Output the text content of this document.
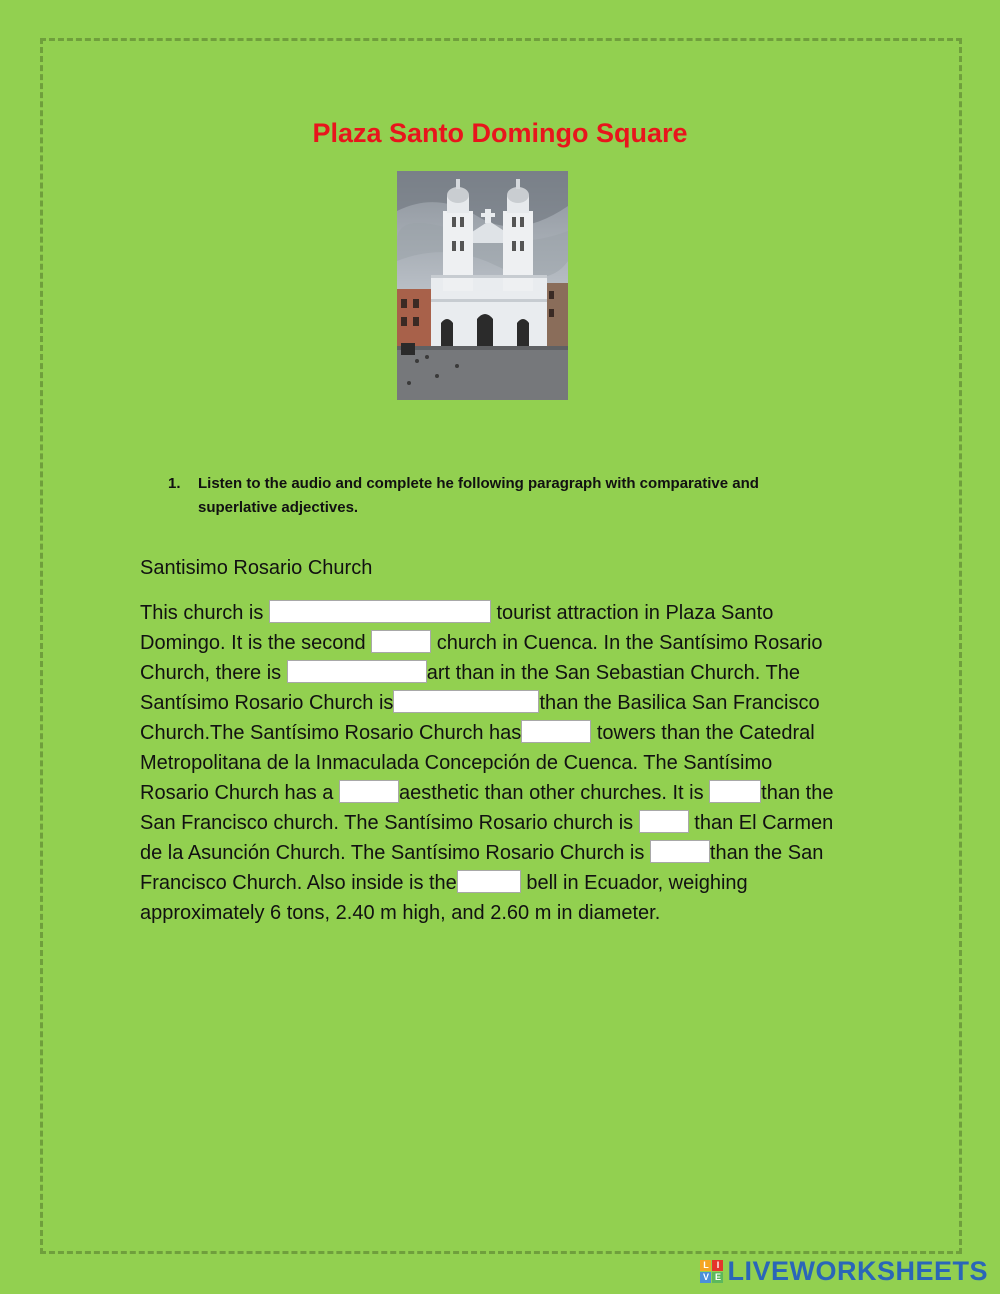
Plaza Santo Domingo Square
1.	Listen to the audio and complete he following paragraph with comparative and
superlative adjectives.
Santisimo Rosario Church
This church is	tourist attraction in Plaza Santo
Domingo. It is the second	church in Cuenca. In the Santísimo Rosario
Church, there is	art than in the San Sebastian Church. The
Santísimo Rosario Church is	than the Basilica San Francisco
Church.The Santísimo Rosario Church has	towers than the Catedral
Metropolitana de la Inmaculada Concepción de Cuenca. The Santísimo
Rosario Church has a	aesthetic than other churches. It is	than the
San Francisco church. The Santísimo Rosario church is	than El Carmen
de la Asunción Church. The Santísimo Rosario Church is	than the San
Francisco Church. Also inside is the	bell in Ecuador, weighing
approximately 6 tons, 2.40 m high, and 2.60 m in diameter.
L I
V E LIVEWORKSHEETS
